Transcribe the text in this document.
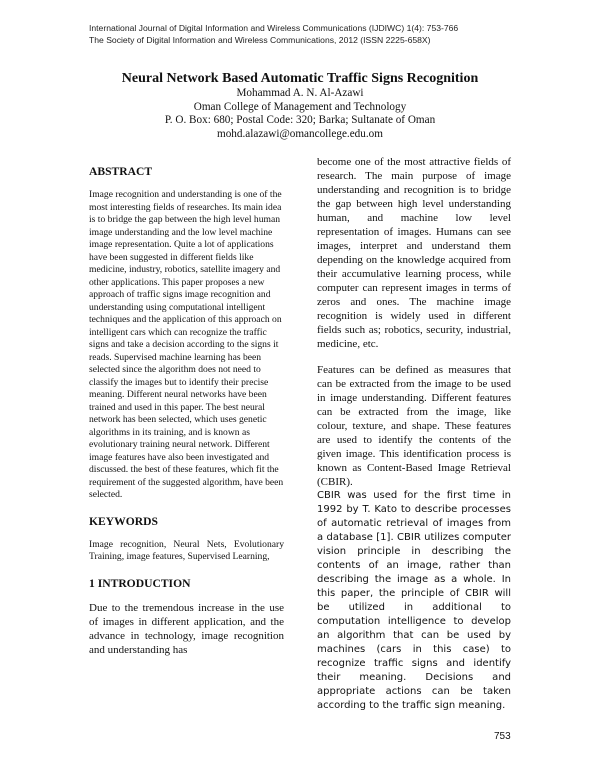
International Journal of Digital Information and Wireless Communications (IJDIWC) 1(4): 753-766
The Society of Digital Information and Wireless Communications, 2012 (ISSN 2225-658X)
Neural Network Based Automatic Traffic Signs Recognition
Mohammad A. N. Al-Azawi
Oman College of Management and Technology
P. O. Box: 680; Postal Code: 320; Barka; Sultanate of Oman
mohd.alazawi@omancollege.edu.om
ABSTRACT

Image recognition and understanding is one of the most interesting fields of researches. Its main idea is to bridge the gap between the high level human image understanding and the low level machine image representation. Quite a lot of applications have been suggested in different fields like medicine, industry, robotics, satellite imagery and other applications. This paper proposes a new approach of traffic signs image recognition and understanding using computational intelligent techniques and the application of this approach on intelligent cars which can recognize the traffic signs and take a decision according to the signs it reads. Supervised machine learning has been selected since the algorithm does not need to classify the images but to identify their precise meaning. Different neural networks have been trained and used in this paper. The best neural network has been selected, which uses genetic algorithms in its training, and is known as evolutionary training neural network. Different image features have also been investigated and discussed. the best of these features, which fit the requirement of the suggested algorithm, have been selected.

KEYWORDS

Image recognition, Neural Nets, Evolutionary Training, image features, Supervised Learning,

1 INTRODUCTION

Due to the tremendous increase in the use of images in different application, and the advance in technology, image recognition and understanding has

become one of the most attractive fields of research. The main purpose of image understanding and recognition is to bridge the gap between high level understanding human, and machine low level representation of images. Humans can see images, interpret and understand them depending on the knowledge acquired from their accumulative learning process, while computer can represent images in terms of zeros and ones. The machine image recognition is widely used in different fields such as; robotics, security, industrial, medicine, etc.

Features can be defined as measures that can be extracted from the image to be used in image understanding. Different features can be extracted from the image, like colour, texture, and shape. These features are used to identify the contents of the given image. This identification process is known as Content-Based Image Retrieval (CBIR).

CBIR was used for the first time in 1992 by T. Kato to describe processes of automatic retrieval of images from a database [1]. CBIR utilizes computer vision principle in describing the contents of an image, rather than describing the image as a whole. In this paper, the principle of CBIR will be utilized in additional to computation intelligence to develop an algorithm that can be used by machines (cars in this case) to recognize traffic signs and identify their meaning. Decisions and appropriate actions can be taken according to the traffic sign meaning.

753
